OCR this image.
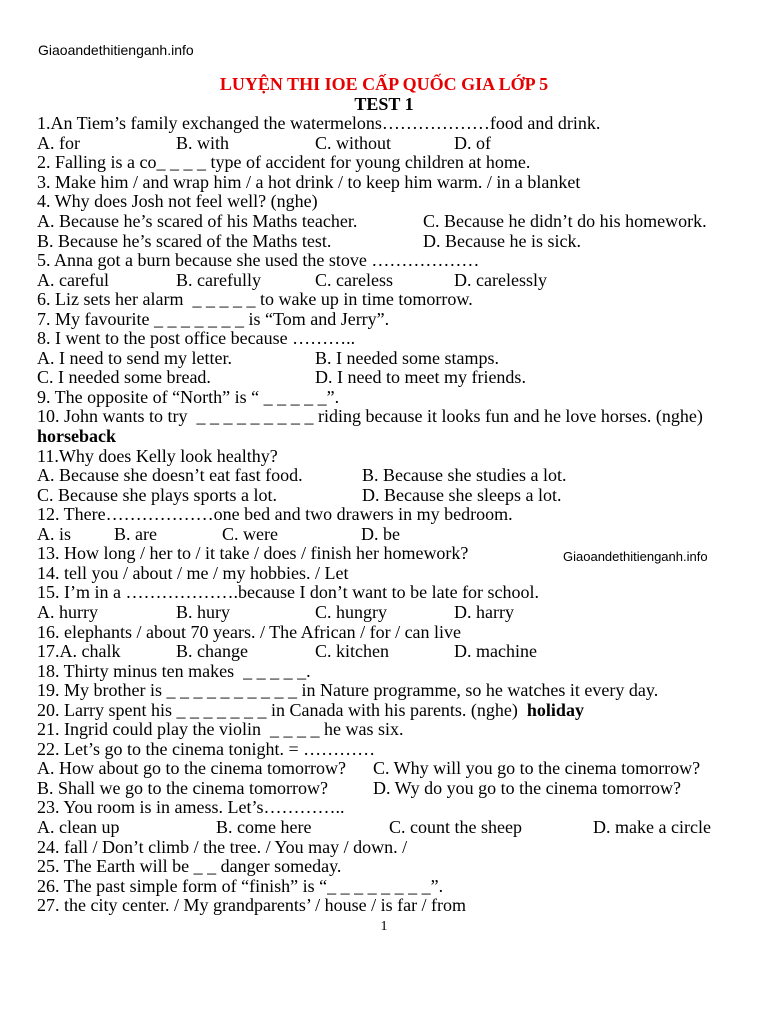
Giaoandethitienganh.info
LUYỆN THI IOE CẤP QUỐC GIA LỚP 5
TEST 1
1.An Tiem’s family exchanged the watermelons………………food and drink.
A. for	B. with	C. without	D. of
2. Falling is a co_ _ _ _ type of accident for young children at home.
3. Make him / and wrap him / a hot drink / to keep him warm. / in a blanket
4. Why does Josh not feel well? (nghe)
A. Because he’s scared of his Maths teacher.	C. Because he didn’t do his homework.
B. Because he’s scared of the Maths test.	D. Because he is sick.
5. Anna got a burn because she used the stove ………………
A. careful	B. carefully	C. careless	D. carelessly
6. Liz sets her alarm  _ _ _ _ _ to wake up in time tomorrow.
7. My favourite _ _ _ _ _ _ _ is “Tom and Jerry”.
8. I went to the post office because ………..
A. I need to send my letter.	B. I needed some stamps.
C. I needed some bread.	D. I need to meet my friends.
9. The opposite of “North” is “ _ _ _ _ _”.
10. John wants to try  _ _ _ _ _ _ _ _ _ riding because it looks fun and he love horses. (nghe)
horseback
11.Why does Kelly look healthy?
A. Because she doesn’t eat fast food.	B. Because she studies a lot.
C. Because she plays sports a lot.	D. Because she sleeps a lot.
12. There………………one bed and two drawers in my bedroom.
A. is B. are	C. were	D. be
13. How long / her to / it take / does / finish her homework?	Giaoandethitienganh.info
14. tell you / about / me / my hobbies. / Let
15. I’m in a ……………….because I don’t want to be late for school.
A. hurry	B. hury	C. hungry	D. harry
16. elephants / about 70 years. / The African / for / can live
17.A. chalk	B. change	C. kitchen	D. machine
18. Thirty minus ten makes  _ _ _ _ _.
19. My brother is _ _ _ _ _ _ _ _ _ _ in Nature programme, so he watches it every day.
20. Larry spent his _ _ _ _ _ _ _ in Canada with his parents. (nghe) holiday
21. Ingrid could play the violin  _ _ _ _ he was six.
22. Let’s go to the cinema tonight. = …………
A. How about go to the cinema tomorrow? C. Why will you go to the cinema tomorrow?
B. Shall we go to the cinema tomorrow?	D. Wy do you go to the cinema tomorrow?
23. You room is in amess. Let’s…………..
A. clean up	B. come here	C. count the sheep	D. make a circle
24. fall / Don’t climb / the tree. / You may / down. /
25. The Earth will be _ _ danger someday.
26. The past simple form of “finish” is “_ _ _ _ _ _ _ _”.
27. the city center. / My grandparents’ / house / is far / from
1
